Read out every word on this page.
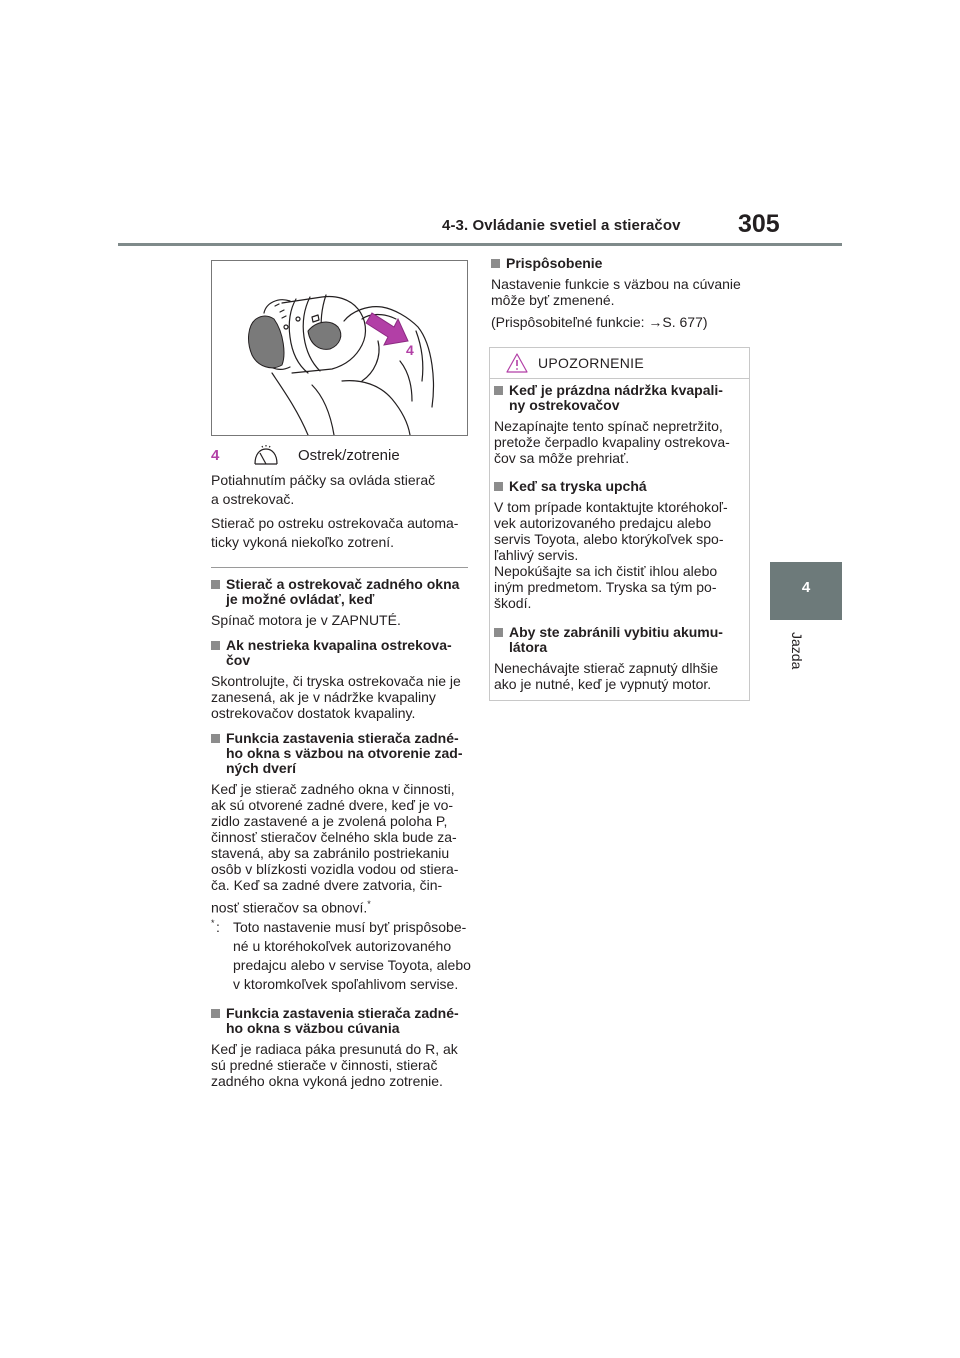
4-3. Ovládanie svetiel a stieračov 305
4
Jazda
4
4	Ostrek/zotrenie
Potiahnutím páčky sa ovláda stierač
a ostrekovač.
Stierač po ostreku ostrekovača automa-
ticky vykoná niekoľko zotrení.
Stierač a ostrekovač zadného okna
je možné ovládať, keď
Spínač motora je v ZAPNUTÉ.
Ak nestrieka kvapalina ostrekova-
čov
Skontrolujte, či tryska ostrekovača nie je
zanesená, ak je v nádržke kvapaliny
ostrekovačov dostatok kvapaliny.
Funkcia zastavenia stierača zadné-
ho okna s väzbou na otvorenie zad-
ných dverí
Keď je stierač zadného okna v činnosti,
ak sú otvorené zadné dvere, keď je vo-
zidlo zastavené a je zvolená poloha P,
činnosť stieračov čelného skla bude za-
stavená, aby sa zabránilo postriekaniu
osôb v blízkosti vozidla vodou od stiera-
ča. Keď sa zadné dvere zatvoria, čin-
nosť stieračov sa obnoví.*
* : Toto nastavenie musí byť prispôsobe-
né u ktoréhokoľvek autorizovaného
predajcu alebo v servise Toyota, alebo
v ktoromkoľvek spoľahlivom servise.
Funkcia zastavenia stierača zadné-
ho okna s väzbou cúvania
Keď je radiaca páka presunutá do R, ak
sú predné stierače v činnosti, stierač
zadného okna vykoná jedno zotrenie.
Prispôsobenie
Nastavenie funkcie s väzbou na cúvanie
môže byť zmenené.
(Prispôsobiteľné funkcie: →S. 677)
UPOZORNENIE
Keď je prázdna nádržka kvapali-
ny ostrekovačov
Nezapínajte tento spínač nepretržito,
pretože čerpadlo kvapaliny ostrekova-
čov sa môže prehriať.
Keď sa tryska upchá
V tom prípade kontaktujte ktoréhokoľ-
vek autorizovaného predajcu alebo
servis Toyota, alebo ktorýkoľvek spo-
ľahlivý servis.
Nepokúšajte sa ich čistiť ihlou alebo
iným predmetom. Tryska sa tým po-
škodí.
Aby ste zabránili vybitiu akumu-
látora
Nenechávajte stierač zapnutý dlhšie
ako je nutné, keď je vypnutý motor.
